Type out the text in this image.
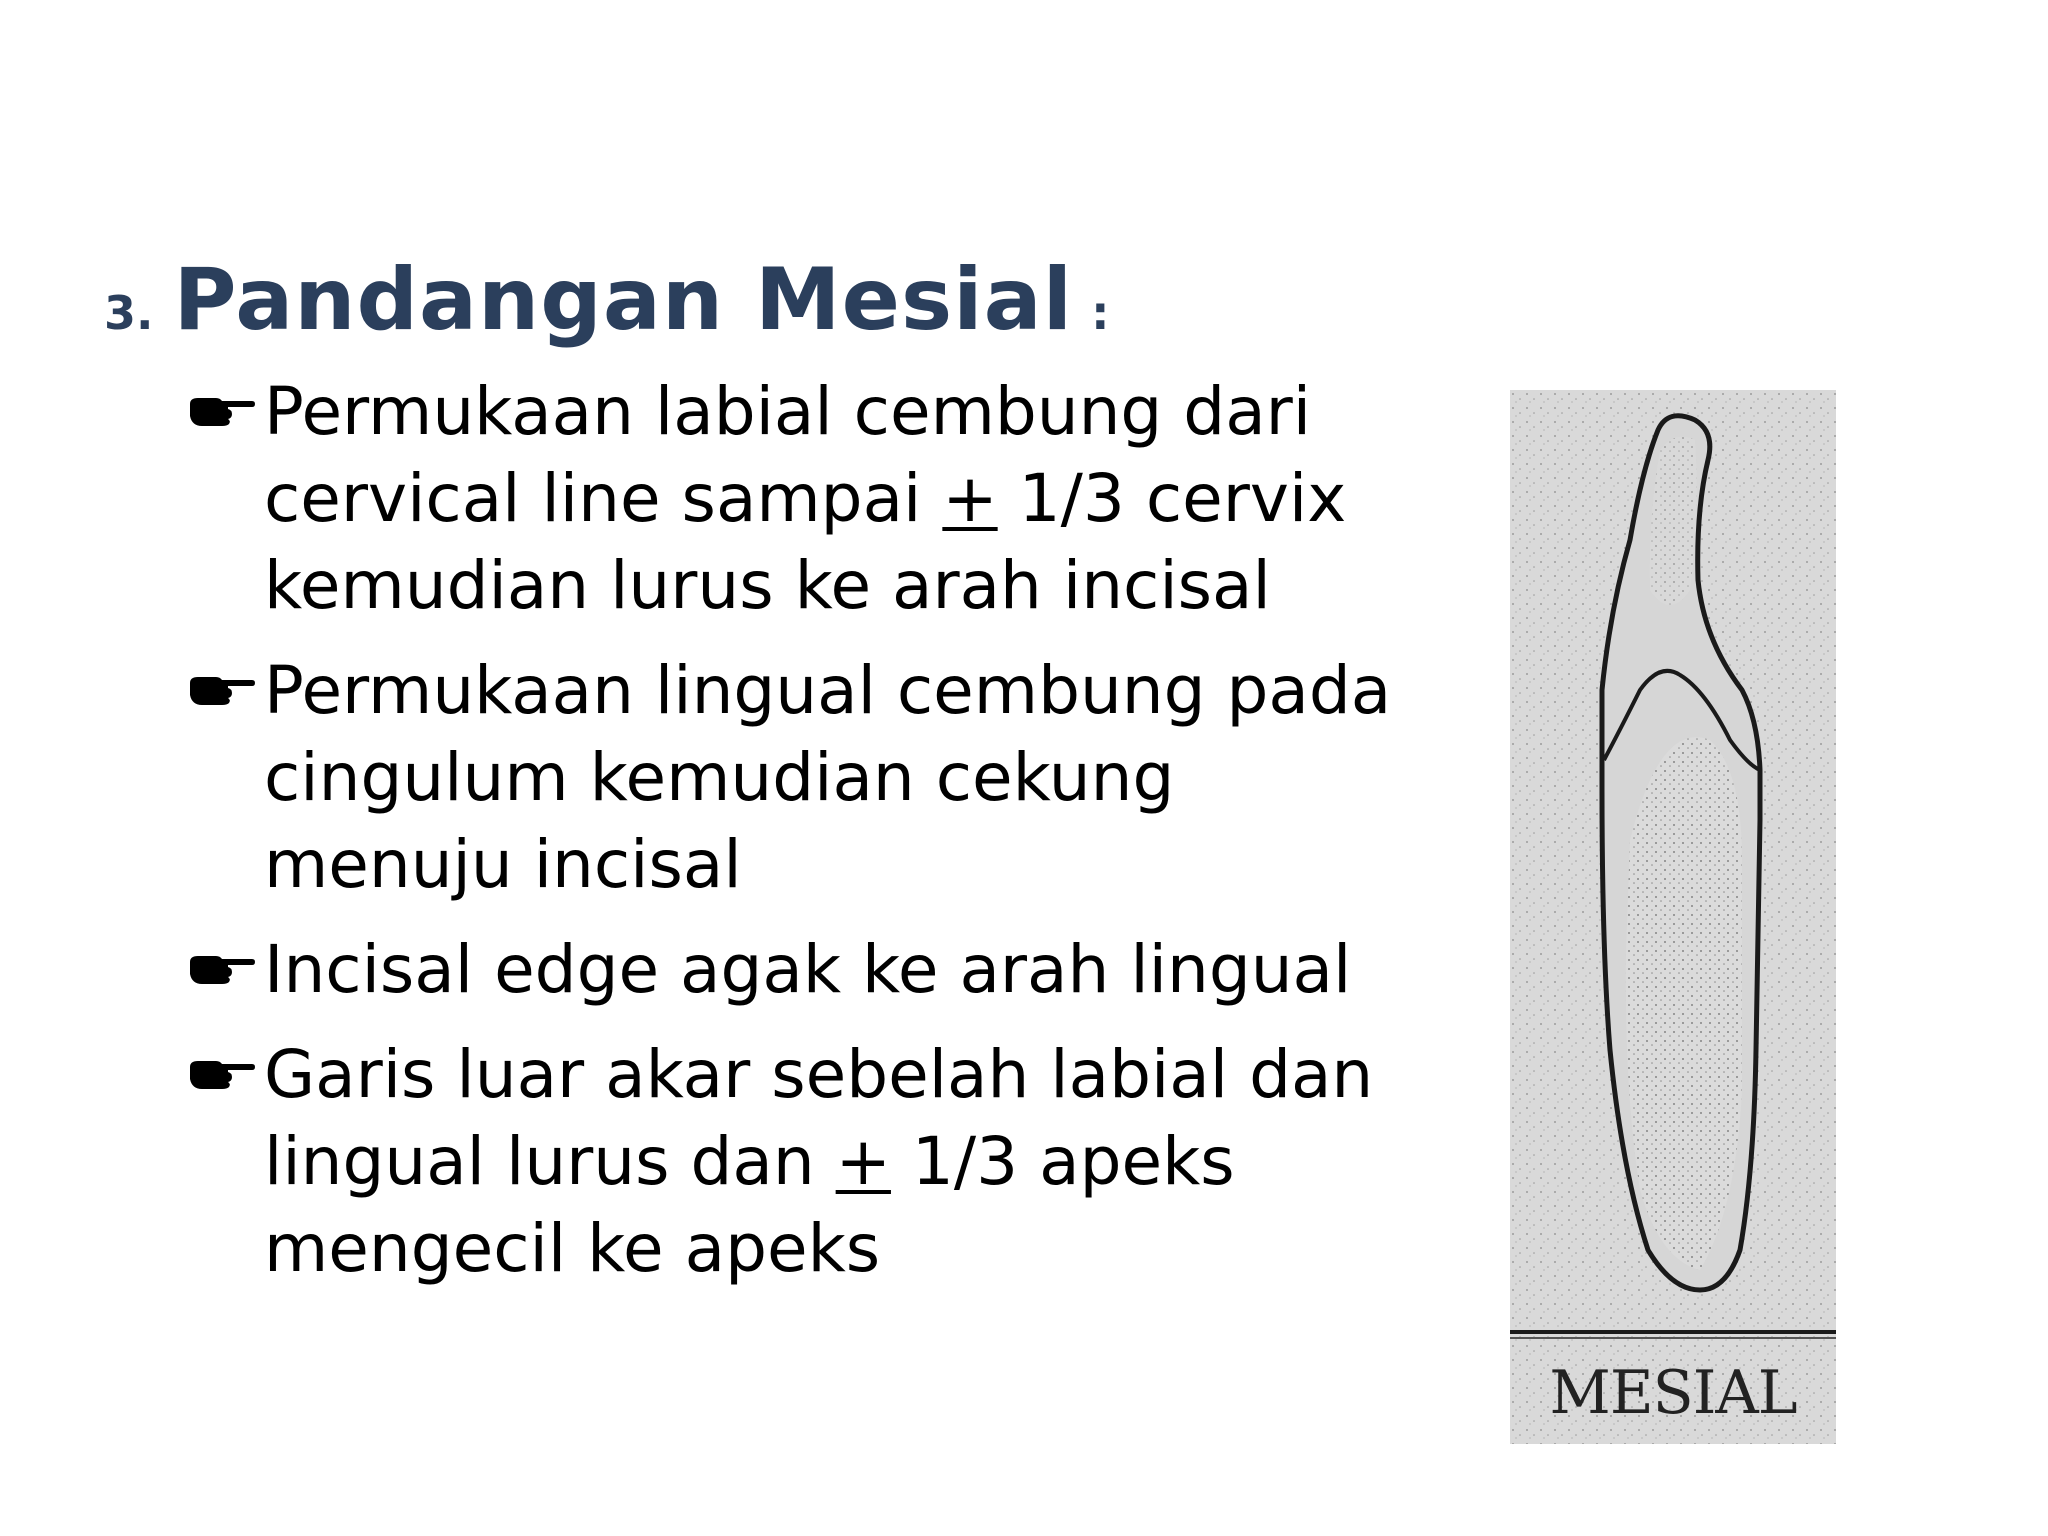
3. Pandangan Mesial :
Permukaan labial cembung dari
cervical line sampai + 1/3 cervix
kemudian lurus ke arah incisal
Permukaan lingual cembung pada
cingulum kemudian cekung
menuju incisal
Incisal edge agak ke arah lingual
Garis luar akar sebelah labial dan
lingual lurus dan + 1/3 apeks
mengecil ke apeks
MESIAL
